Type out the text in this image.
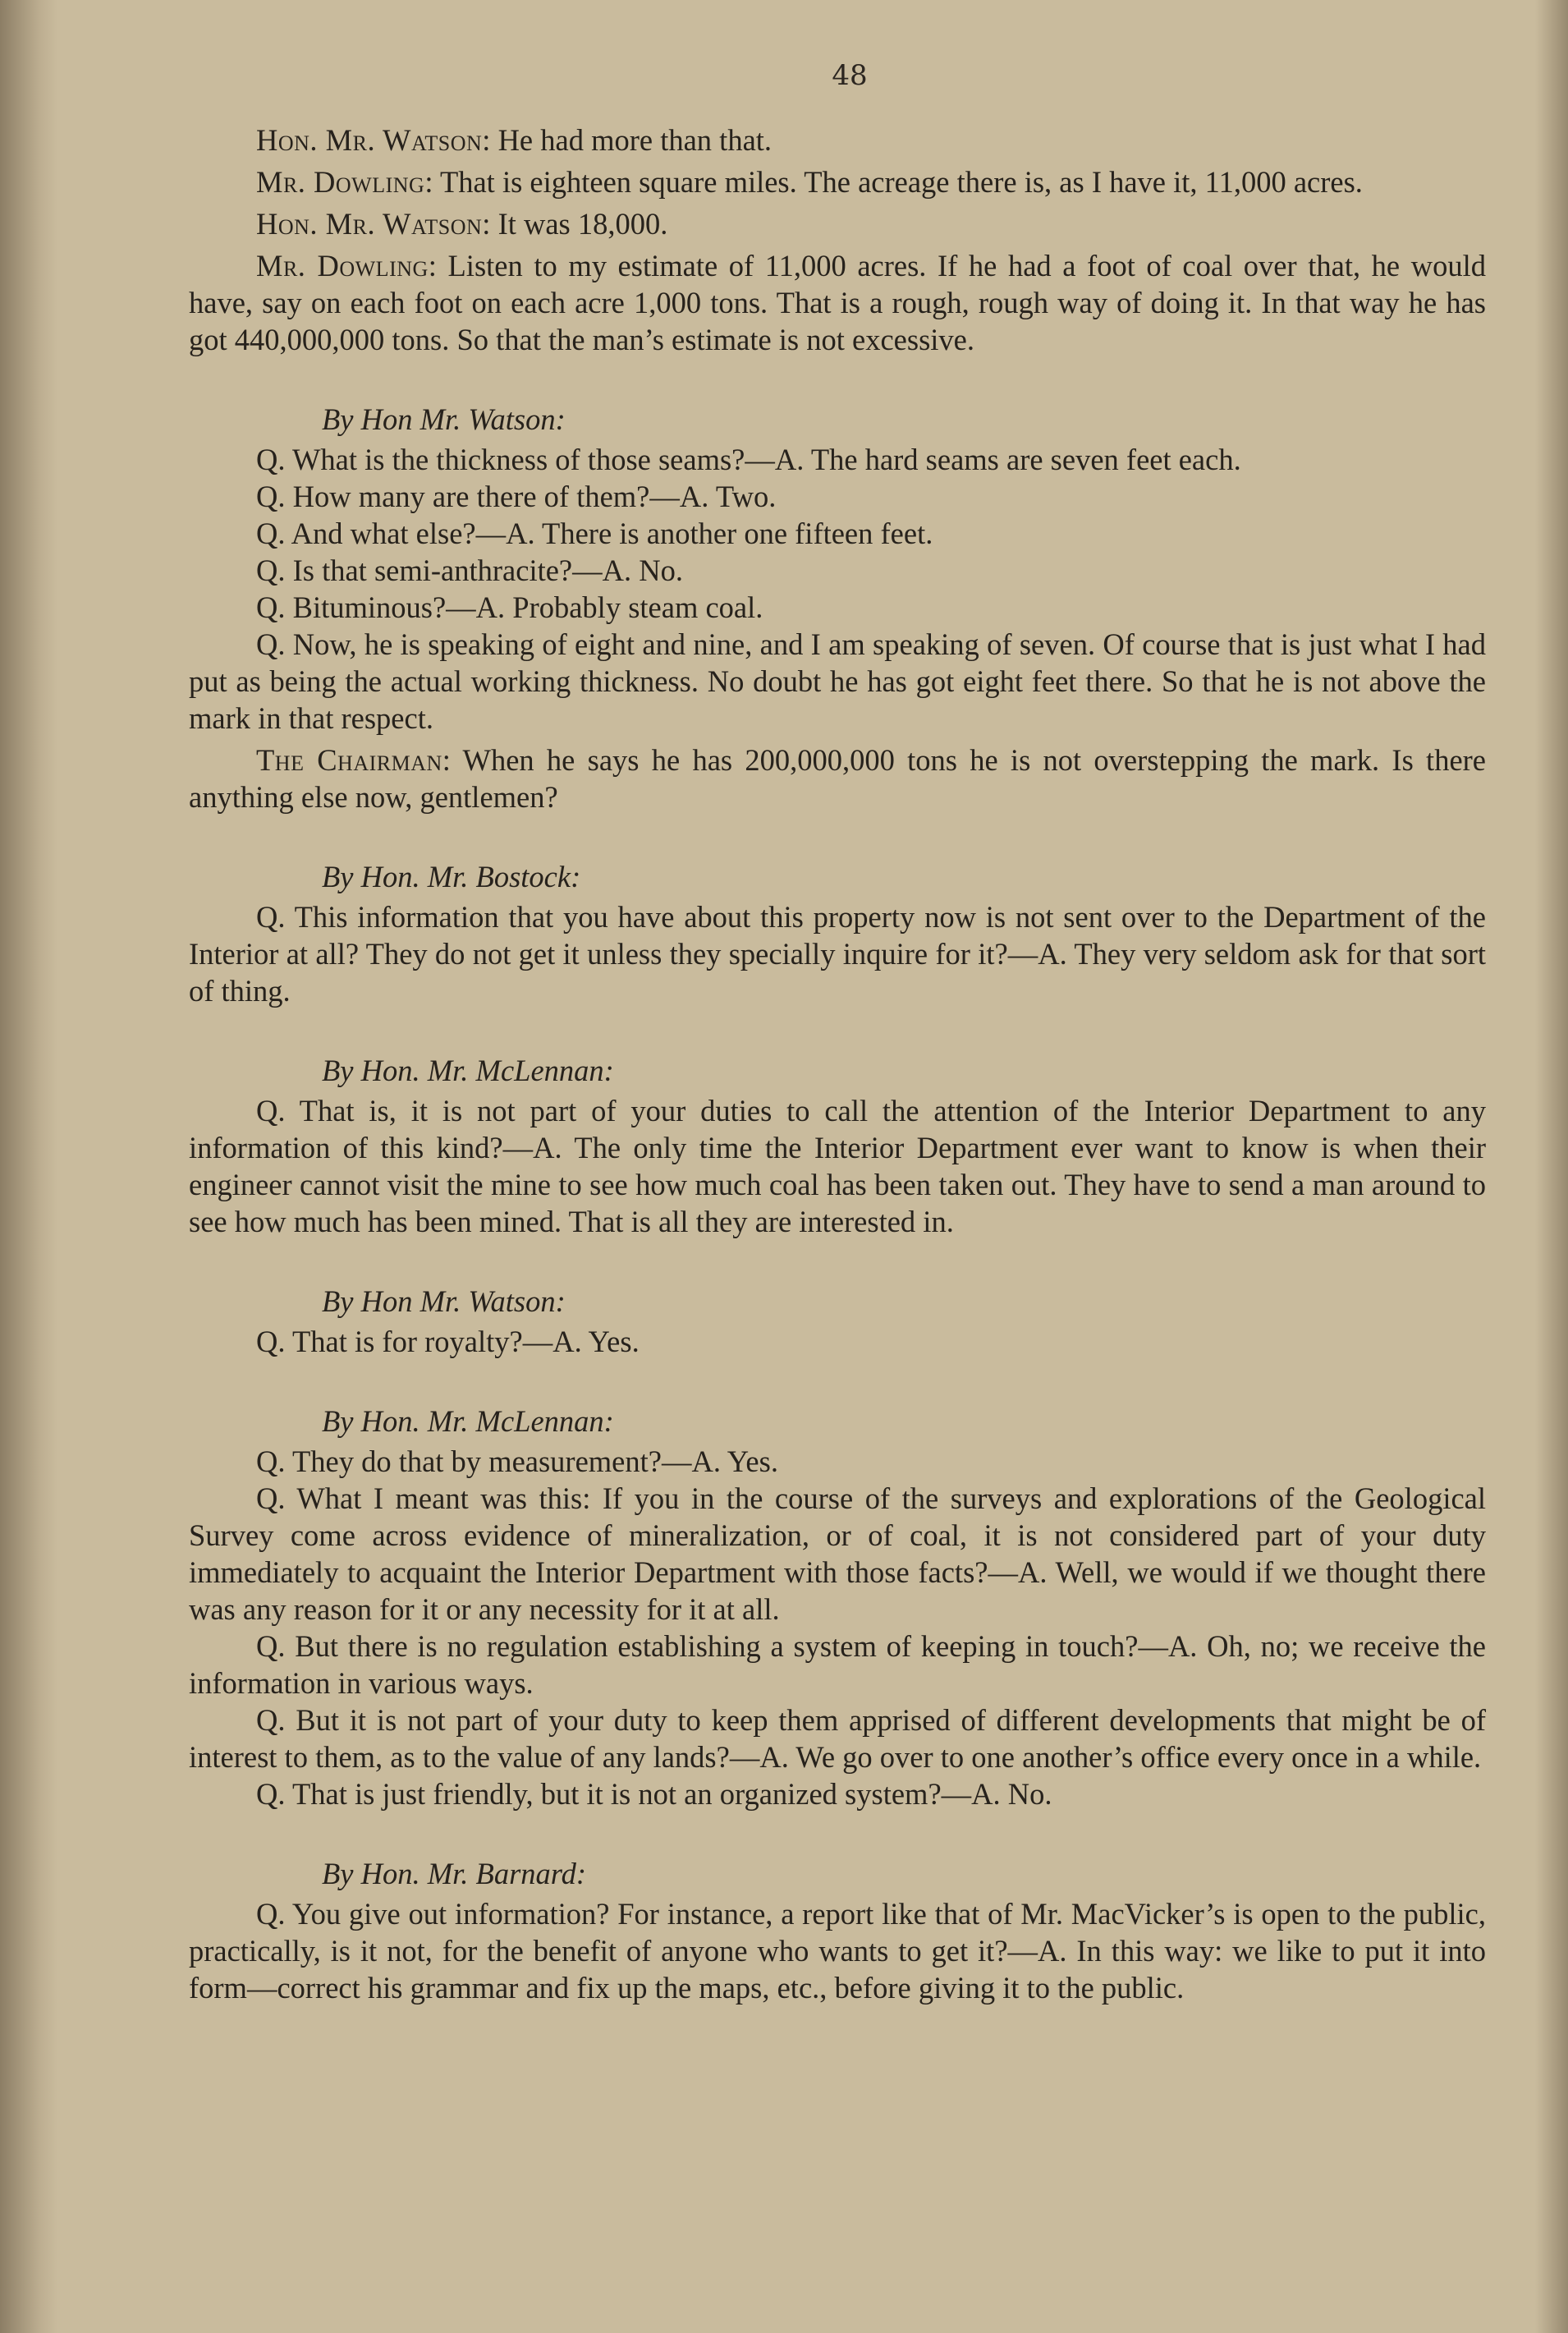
48

Hon. Mr. Watson: He had more than that.

Mr. Dowling: That is eighteen square miles. The acreage there is, as I have it, 11,000 acres.

Hon. Mr. Watson: It was 18,000.

Mr. Dowling: Listen to my estimate of 11,000 acres. If he had a foot of coal over that, he would have, say on each foot on each acre 1,000 tons. That is a rough, rough way of doing it. In that way he has got 440,000,000 tons. So that the man’s estimate is not excessive.

By Hon Mr. Watson:

Q. What is the thickness of those seams?—A. The hard seams are seven feet each.

Q. How many are there of them?—A. Two.

Q. And what else?—A. There is another one fifteen feet.

Q. Is that semi-anthracite?—A. No.

Q. Bituminous?—A. Probably steam coal.

Q. Now, he is speaking of eight and nine, and I am speaking of seven. Of course that is just what I had put as being the actual working thickness. No doubt he has got eight feet there. So that he is not above the mark in that respect.

The Chairman: When he says he has 200,000,000 tons he is not overstepping the mark. Is there anything else now, gentlemen?

By Hon. Mr. Bostock:

Q. This information that you have about this property now is not sent over to the Department of the Interior at all? They do not get it unless they specially inquire for it?—A. They very seldom ask for that sort of thing.

By Hon. Mr. McLennan:

Q. That is, it is not part of your duties to call the attention of the Interior Department to any information of this kind?—A. The only time the Interior Department ever want to know is when their engineer cannot visit the mine to see how much coal has been taken out. They have to send a man around to see how much has been mined. That is all they are interested in.

By Hon Mr. Watson:

Q. That is for royalty?—A. Yes.

By Hon. Mr. McLennan:

Q. They do that by measurement?—A. Yes.

Q. What I meant was this: If you in the course of the surveys and explorations of the Geological Survey come across evidence of mineralization, or of coal, it is not considered part of your duty immediately to acquaint the Interior Department with those facts?—A. Well, we would if we thought there was any reason for it or any necessity for it at all.

Q. But there is no regulation establishing a system of keeping in touch?—A. Oh, no; we receive the information in various ways.

Q. But it is not part of your duty to keep them apprised of different developments that might be of interest to them, as to the value of any lands?—A. We go over to one another’s office every once in a while.

Q. That is just friendly, but it is not an organized system?—A. No.

By Hon. Mr. Barnard:

Q. You give out information? For instance, a report like that of Mr. MacVicker’s is open to the public, practically, is it not, for the benefit of anyone who wants to get it?—A. In this way: we like to put it into form—correct his grammar and fix up the maps, etc., before giving it to the public.
